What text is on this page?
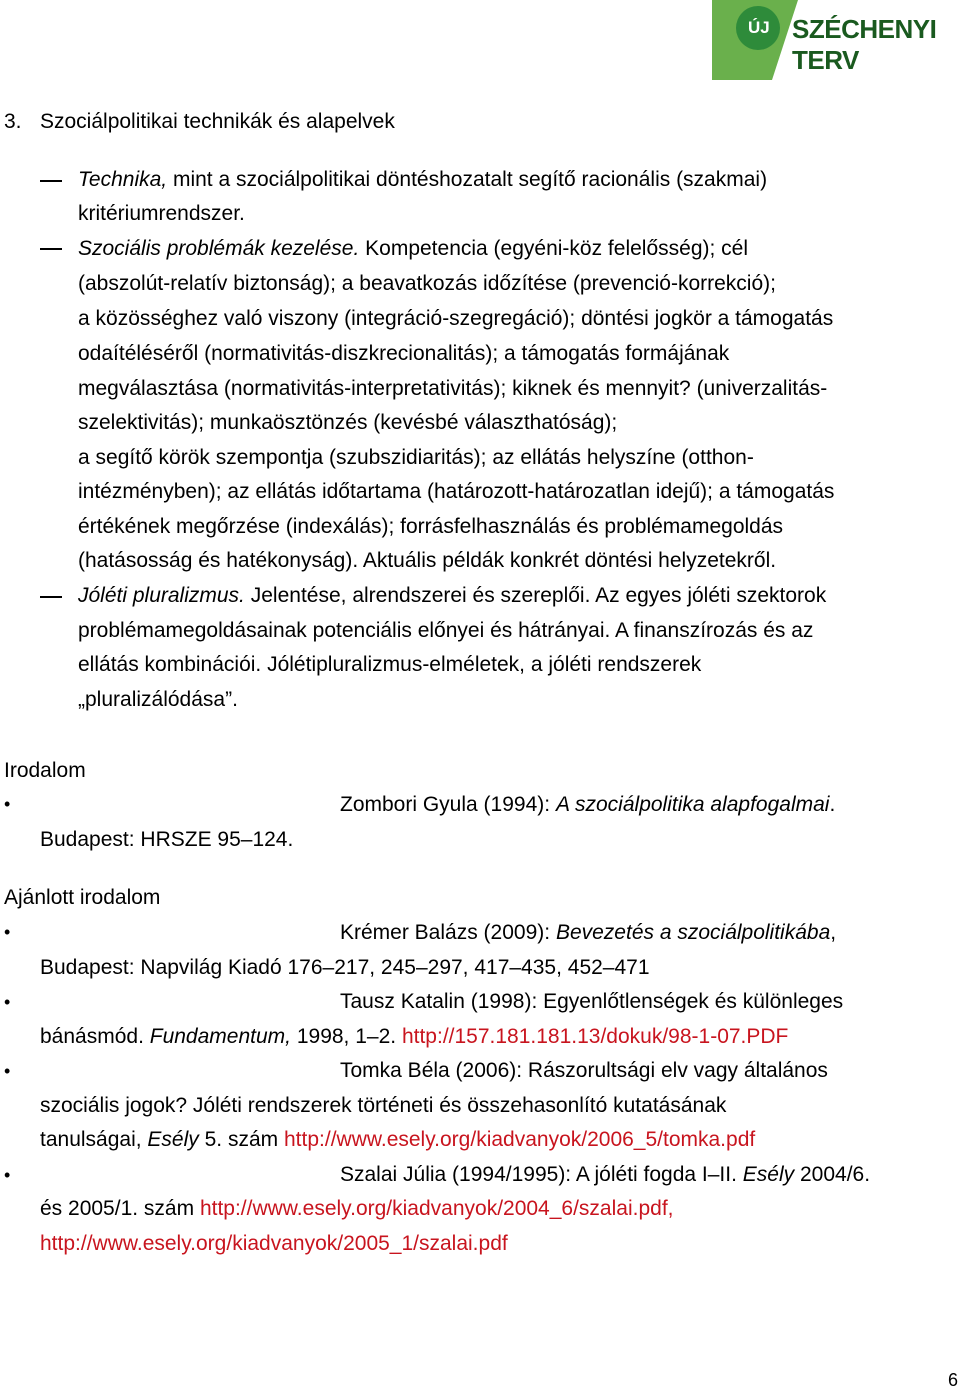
ÚJ SZÉCHENYI TERV
3. Szociálpolitikai technikák és alapelvek
Technika, mint a szociálpolitikai döntéshozatalt segítő racionális (szakmai)
kritériumrendszer.
Szociális problémák kezelése. Kompetencia (egyéni-köz felelősség); cél
(abszolút-relatív biztonság); a beavatkozás időzítése (prevenció-korrekció);
a közösséghez való viszony (integráció-szegregáció); döntési jogkör a támogatás
odaítéléséről (normativitás-diszkrecionalitás); a támogatás formájának
megválasztása (normativitás-interpretativitás); kiknek és mennyit? (univerzalitás-
szelektivitás); munkaösztönzés (kevésbé választhatóság);
a segítő körök szempontja (szubszidiaritás); az ellátás helyszíne (otthon-
intézményben); az ellátás időtartama (határozott-határozatlan idejű); a támogatás
értékének megőrzése (indexálás); forrásfelhasználás és problémamegoldás
(hatásosság és hatékonyság). Aktuális példák konkrét döntési helyzetekről.
Jóléti pluralizmus. Jelentése, alrendszerei és szereplői. Az egyes jóléti szektorok
problémamegoldásainak potenciális előnyei és hátrányai. A finanszírozás és az
ellátás kombinációi. Jólétipluralizmus-elméletek, a jóléti rendszerek
„pluralizálódása”.
Irodalom
•	Zombori Gyula (1994): A szociálpolitika alapfogalmai.
Budapest: HRSZE 95–124.
Ajánlott irodalom
•	Krémer Balázs (2009): Bevezetés a szociálpolitikába,
Budapest: Napvilág Kiadó 176–217, 245–297, 417–435, 452–471
•	Tausz Katalin (1998): Egyenlőtlenségek és különleges
bánásmód. Fundamentum, 1998, 1–2. http://157.181.181.13/dokuk/98-1-07.PDF
•	Tomka Béla (2006): Rászorultsági elv vagy általános
szociális jogok? Jóléti rendszerek történeti és összehasonlító kutatásának
tanulságai, Esély 5. szám http://www.esely.org/kiadvanyok/2006_5/tomka.pdf
•	Szalai Júlia (1994/1995): A jóléti fogda I–II. Esély 2004/6.
és 2005/1. szám http://www.esely.org/kiadvanyok/2004_6/szalai.pdf,
http://www.esely.org/kiadvanyok/2005_1/szalai.pdf
6
